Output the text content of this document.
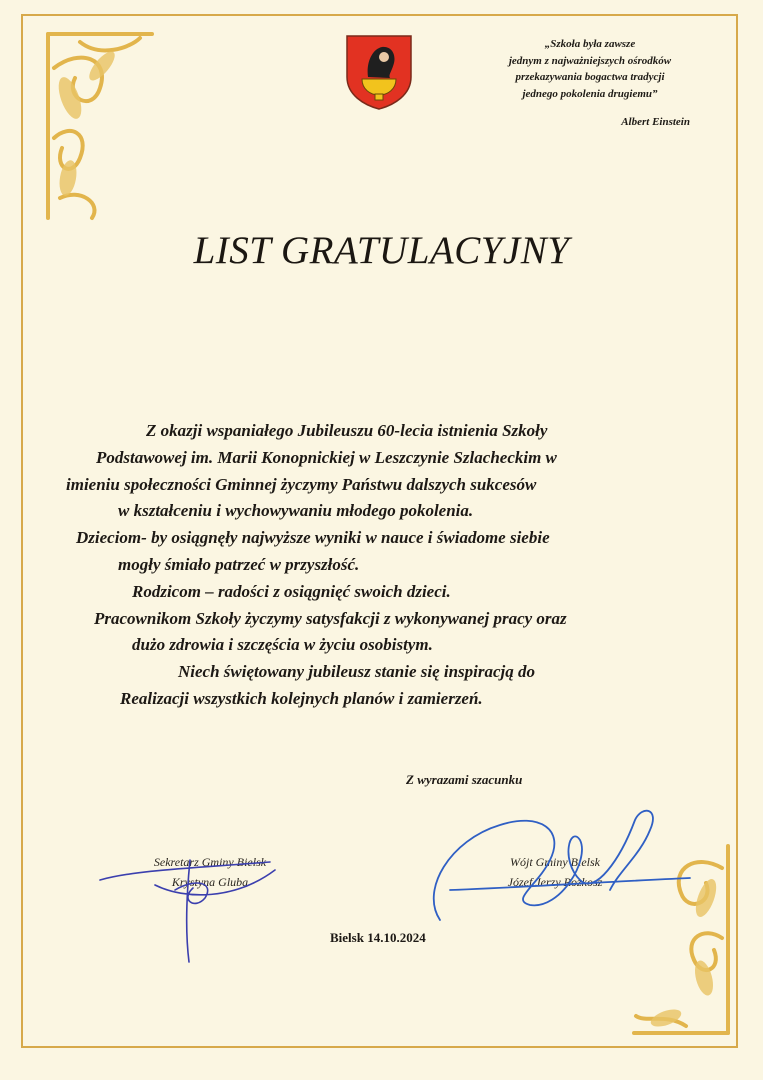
„Szkoła była zawsze
jednym z najważniejszych ośrodków
przekazywania bogactwa tradycji
jednego pokolenia drugiemu”
Albert Einstein
LIST GRATULACYJNY
Z okazji wspaniałego Jubileuszu 60-lecia istnienia Szkoły
Podstawowej im. Marii Konopnickiej w Leszczynie Szlacheckim w
imieniu społeczności Gminnej życzymy Państwu dalszych sukcesów
w kształceniu i wychowywaniu młodego pokolenia.
Dzieciom- by osiągnęły najwyższe wyniki w nauce i świadome siebie
mogły śmiało patrzeć w przyszłość.
Rodzicom – radości z osiągnięć swoich dzieci.
Pracownikom Szkoły życzymy satysfakcji z wykonywanej pracy oraz
dużo zdrowia i szczęścia w życiu osobistym.
Niech świętowany jubileusz stanie się inspiracją do
Realizacji wszystkich kolejnych planów i zamierzeń.
Z wyrazami szacunku
Sekretarz Gminy Bielsk
Krystyna Gluba
Wójt Gminy Bielsk
Józef Jerzy Rozkosz
Bielsk 14.10.2024
